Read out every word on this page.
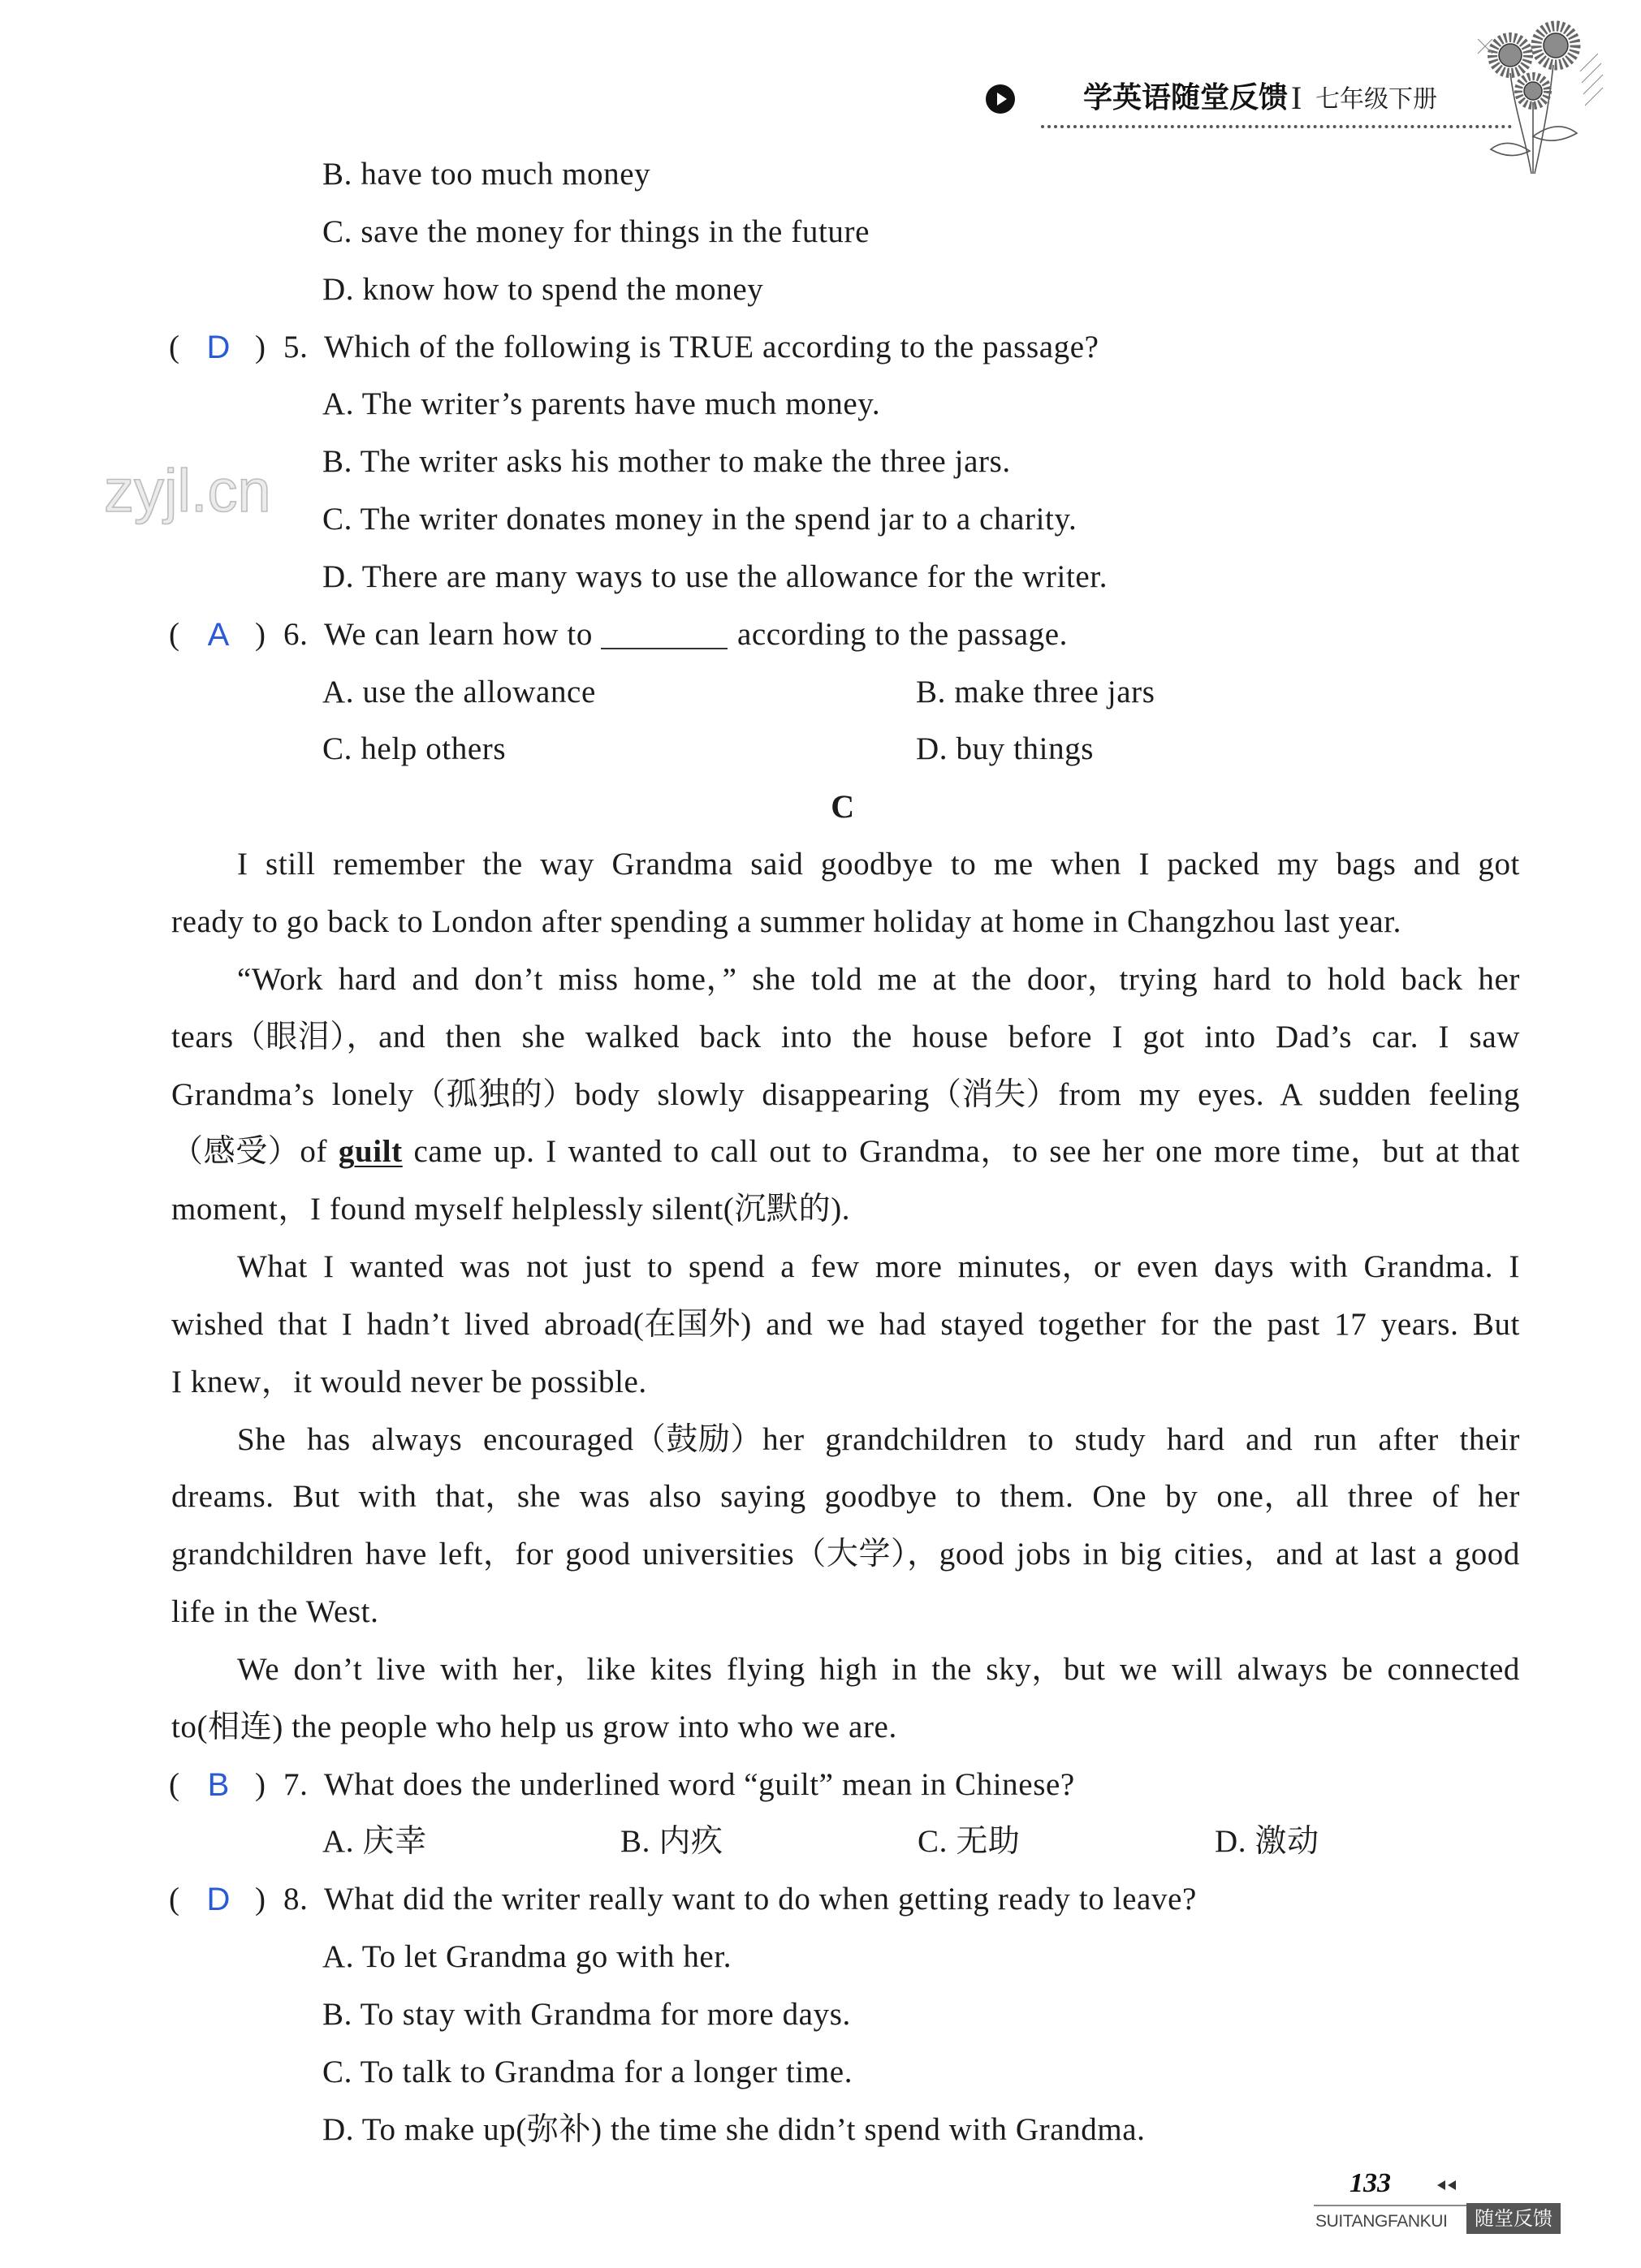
学英语随堂反馈 I 七年级下册
zyjl.cn
B. have too much money
C. save the money for things in the future
D. know how to spend the money
( D ) 5. Which of the following is TRUE according to the passage?
A. The writer’s parents have much money.
B. The writer asks his mother to make the three jars.
C. The writer donates money in the spend jar to a charity.
D. There are many ways to use the allowance for the writer.
( A ) 6. We can learn how to	according to the passage.
A. use the allowance	B. make three jars
C. help others	D. buy things
C
I still remember the way Grandma said goodbye to me when I packed my bags and got
ready to go back to London after spending a summer holiday at home in Changzhou last year.
“Work hard and don’t miss home，” she told me at the door，trying hard to hold back her
tears（眼泪），and then she walked back into the house before I got into Dad’s car. I saw
Grandma’s lonely（孤独的）body slowly disappearing（消失）from my eyes. A sudden feeling
（感受）of guilt came up. I wanted to call out to Grandma，to see her one more time，but at that
moment，I found myself helplessly silent(沉默的).
What I wanted was not just to spend a few more minutes，or even days with Grandma. I
wished that I hadn’t lived abroad(在国外) and we had stayed together for the past 17 years. But
I knew，it would never be possible.
She has always encouraged（鼓励）her grandchildren to study hard and run after their
dreams. But with that，she was also saying goodbye to them. One by one，all three of her
grandchildren have left，for good universities（大学），good jobs in big cities，and at last a good
life in the West.
We don’t live with her，like kites flying high in the sky，but we will always be connected
to(相连) the people who help us grow into who we are.
( B ) 7. What does the underlined word “guilt” mean in Chinese?
A. 庆幸	B. 内疚	C. 无助	D. 激动
( D ) 8. What did the writer really want to do when getting ready to leave?
A. To let Grandma go with her.
B. To stay with Grandma for more days.
C. To talk to Grandma for a longer time.
D. To make up(弥补) the time she didn’t spend with Grandma.
133
SUITANGFANKUI	随堂反馈
